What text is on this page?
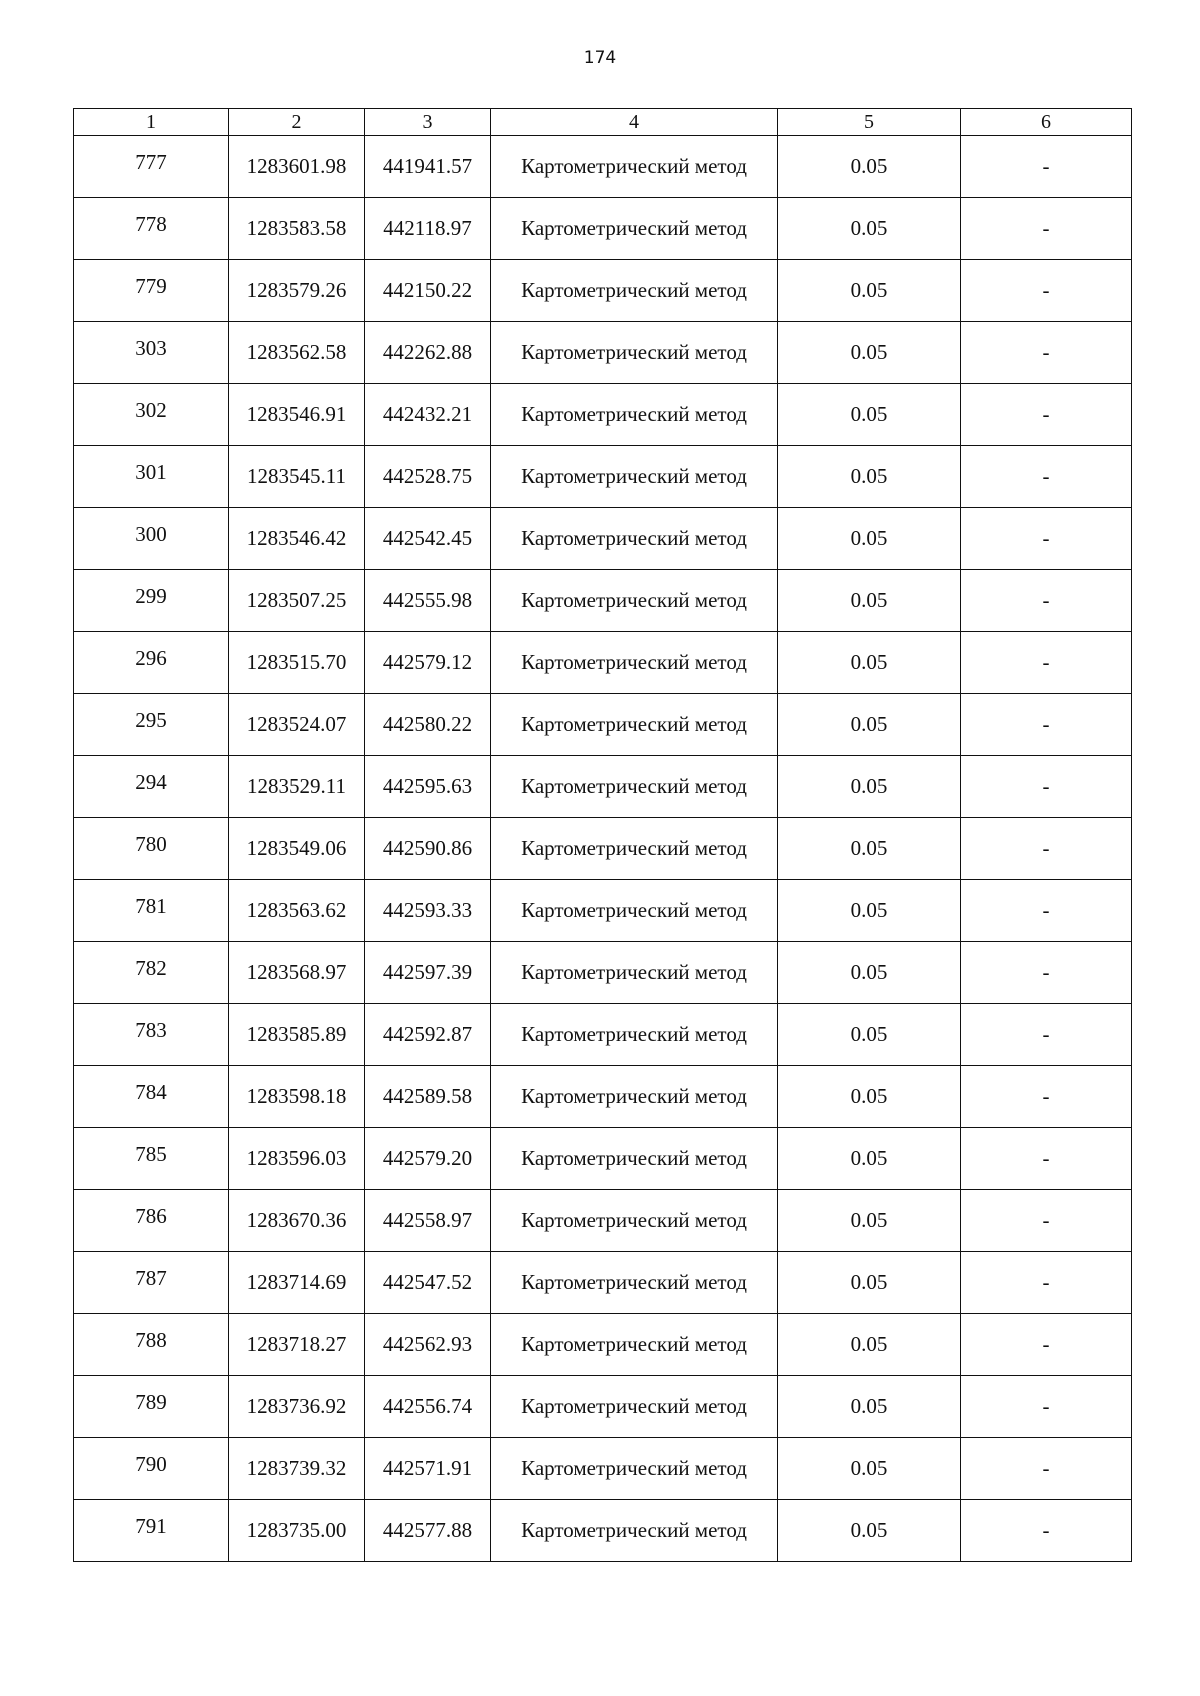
174
1	2	3	4	5	6
777	1283601.98	441941.57	Картометрический метод	0.05	-
778	1283583.58	442118.97	Картометрический метод	0.05	-
779	1283579.26	442150.22	Картометрический метод	0.05	-
303	1283562.58	442262.88	Картометрический метод	0.05	-
302	1283546.91	442432.21	Картометрический метод	0.05	-
301	1283545.11	442528.75	Картометрический метод	0.05	-
300	1283546.42	442542.45	Картометрический метод	0.05	-
299	1283507.25	442555.98	Картометрический метод	0.05	-
296	1283515.70	442579.12	Картометрический метод	0.05	-
295	1283524.07	442580.22	Картометрический метод	0.05	-
294	1283529.11	442595.63	Картометрический метод	0.05	-
780	1283549.06	442590.86	Картометрический метод	0.05	-
781	1283563.62	442593.33	Картометрический метод	0.05	-
782	1283568.97	442597.39	Картометрический метод	0.05	-
783	1283585.89	442592.87	Картометрический метод	0.05	-
784	1283598.18	442589.58	Картометрический метод	0.05	-
785	1283596.03	442579.20	Картометрический метод	0.05	-
786	1283670.36	442558.97	Картометрический метод	0.05	-
787	1283714.69	442547.52	Картометрический метод	0.05	-
788	1283718.27	442562.93	Картометрический метод	0.05	-
789	1283736.92	442556.74	Картометрический метод	0.05	-
790	1283739.32	442571.91	Картометрический метод	0.05	-
791	1283735.00	442577.88	Картометрический метод	0.05	-
